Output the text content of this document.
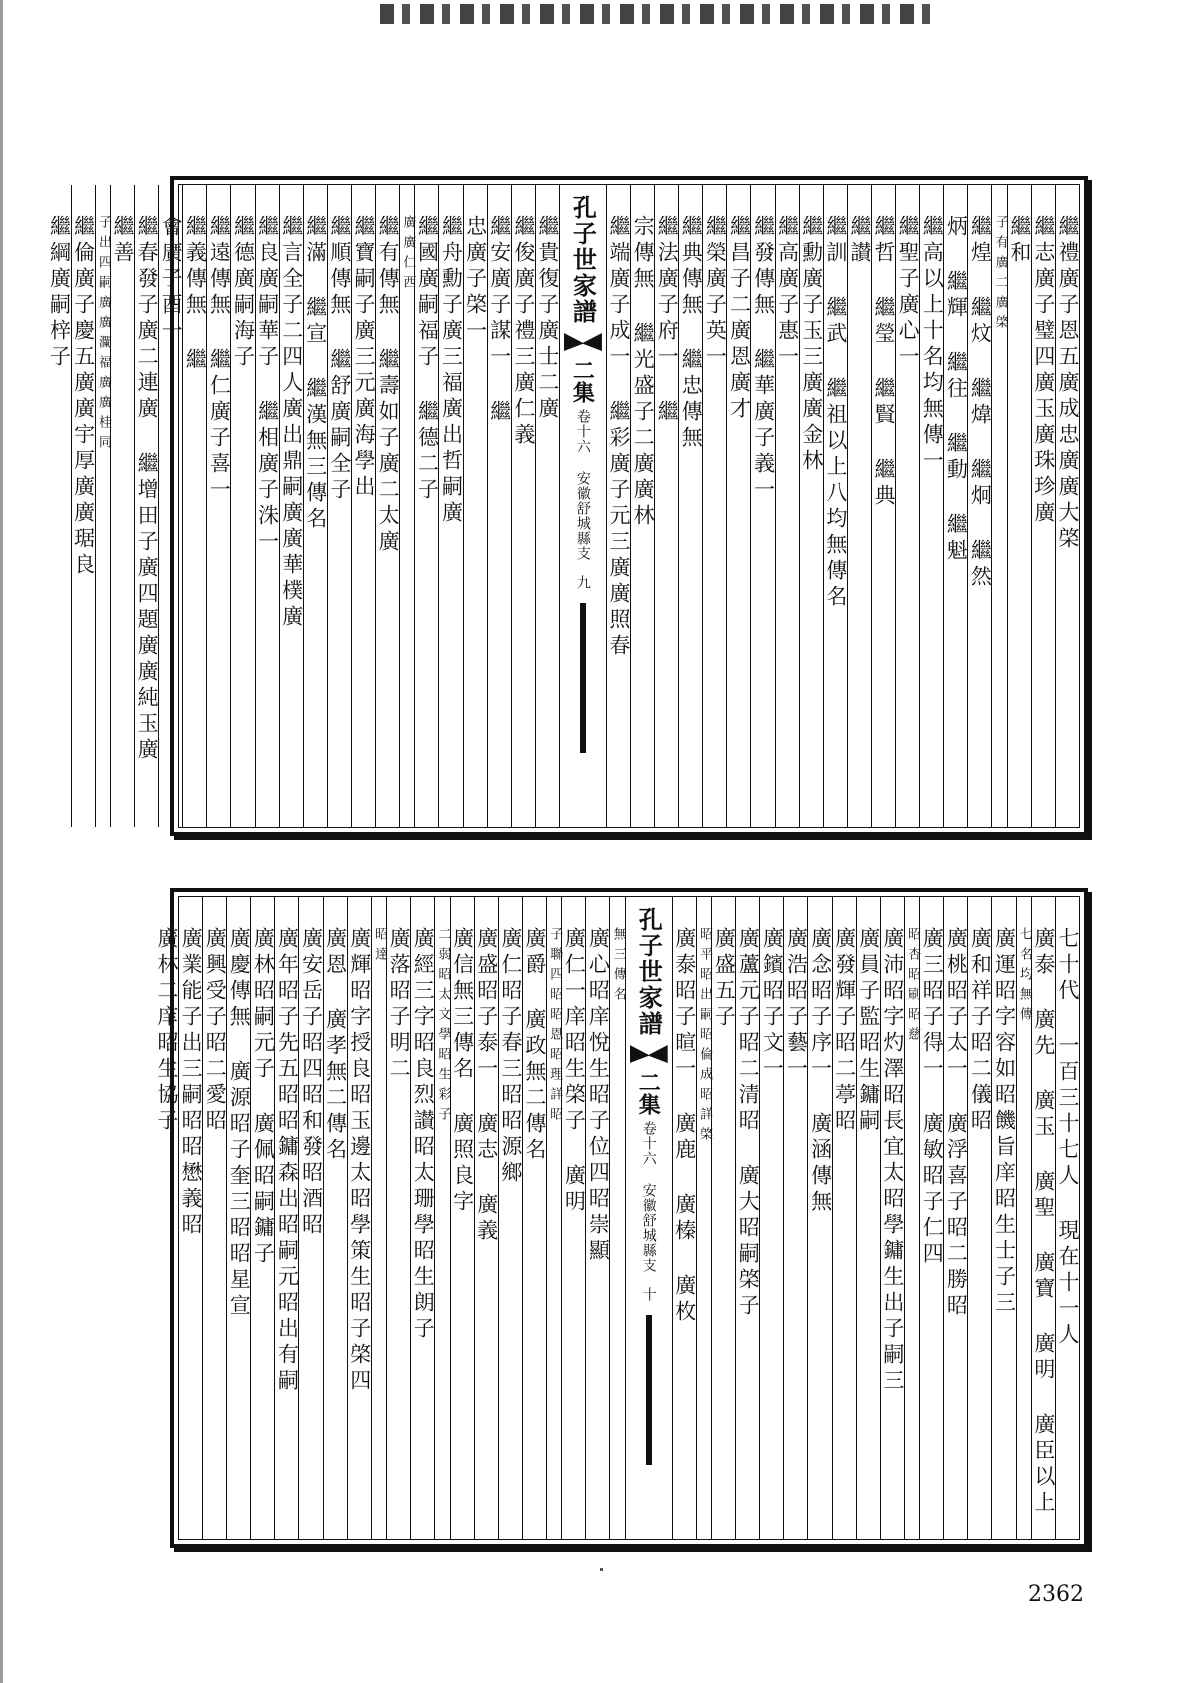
繼禮廣子恩五廣成忠廣廣大棨
繼志廣子璧四廣玉廣珠珍廣
繼和
子有廣二廣棨
繼煌 繼炆 繼煒 繼炯 繼然
炳 繼輝 繼往 繼動 繼魁
繼高以上十名均無傳一
繼聖子廣心一
繼哲 繼瑩 繼賢 繼典
繼讃
繼訓 繼武 繼祖以上八均無傳名
繼勳廣子玉三廣廣金林
繼高廣子惠一
繼發傳無 繼華廣子義一
繼昌子二廣恩廣才
繼榮廣子英一
繼典傳無 繼忠傳無
繼法廣子府一 繼
宗傳無 繼光盛子二廣廣林
繼端廣子成一 繼彩廣子元三廣廣照春
孔子世家譜
二集
卷十六 安徽舒城縣支
九
繼貴復子廣士二廣
繼俊廣子禮三廣仁義
繼安廣子謀一 繼
忠廣子棨一
繼舟勳子廣三福廣出哲嗣廣
繼國廣嗣福子 繼德二子
廣廣仁西
繼有傳無 繼壽如子廣二太廣
繼寶嗣子廣三元廣海學出
繼順傳無 繼舒廣嗣全子
繼滿 繼宣 繼漢無三傳名
繼言全子二四人廣出鼎嗣廣廣華樸廣
繼良廣嗣華子 繼相廣子洙一
繼德廣嗣海子
繼遠傳無 繼仁廣子喜一
繼義傳無 繼
會廣子酉一
繼春發子廣二連廣 繼增田子廣四題廣廣純玉廣
繼善
子出四嗣廣廣瀾福廣廣桂同
繼倫廣子慶五廣廣宇厚廣廣琚良
繼綱廣嗣梓子
七十代 一百三十七人 現在十一人
廣泰 廣先 廣玉 廣聖 廣寶 廣明 廣臣以上
七名均無傳
廣運昭字容如昭饑旨庠昭生士子三
廣和祥子昭二儀昭
廣桃昭子太一 廣浮喜子昭二勝昭
廣三昭子得一 廣敏昭子仁四
昭杏昭刷昭慈
廣沛昭字灼澤昭長宜太昭學鏞生出子嗣三
廣員子監昭生鏞嗣
廣發輝子昭二葶昭
廣念昭子序一 廣涵傳無
廣浩昭子藝一
廣鑌昭子文一
廣蘆元子昭二清昭 廣大昭嗣棨子
廣盛五子
昭平昭出嗣昭倫成昭詳棨
廣泰昭子暄一 廣鹿 廣榛 廣枚
孔子世家譜
二集
卷十六 安徽舒城縣支
十
無三傳名
廣心昭庠悅生昭子位四昭崇顯
廣仁一庠昭生棨子 廣明
子聯四昭昭恩昭理詳昭
廣爵 廣政無二傳名
廣仁昭子春三昭昭源鄉
廣盛昭子泰一 廣志 廣義
廣信無三傳名 廣照良字
二弱昭太文學昭生彩子
廣經三字昭良烈讃昭太珊學昭生朗子
廣落昭子明二
昭達
廣輝昭字授良昭玉邊太昭學策生昭子棨四
廣恩 廣孝無二傳名
廣安岳子昭四昭和發昭酒昭
廣年昭子先五昭昭鏞森出昭嗣元昭出有嗣
廣林昭嗣元子 廣佩昭嗣鏞子
廣慶傳無 廣源昭子奎三昭昭星宣
廣興受子昭二愛昭
廣業能子出三嗣昭昭懋義昭
廣林二庠昭生協子
2362
